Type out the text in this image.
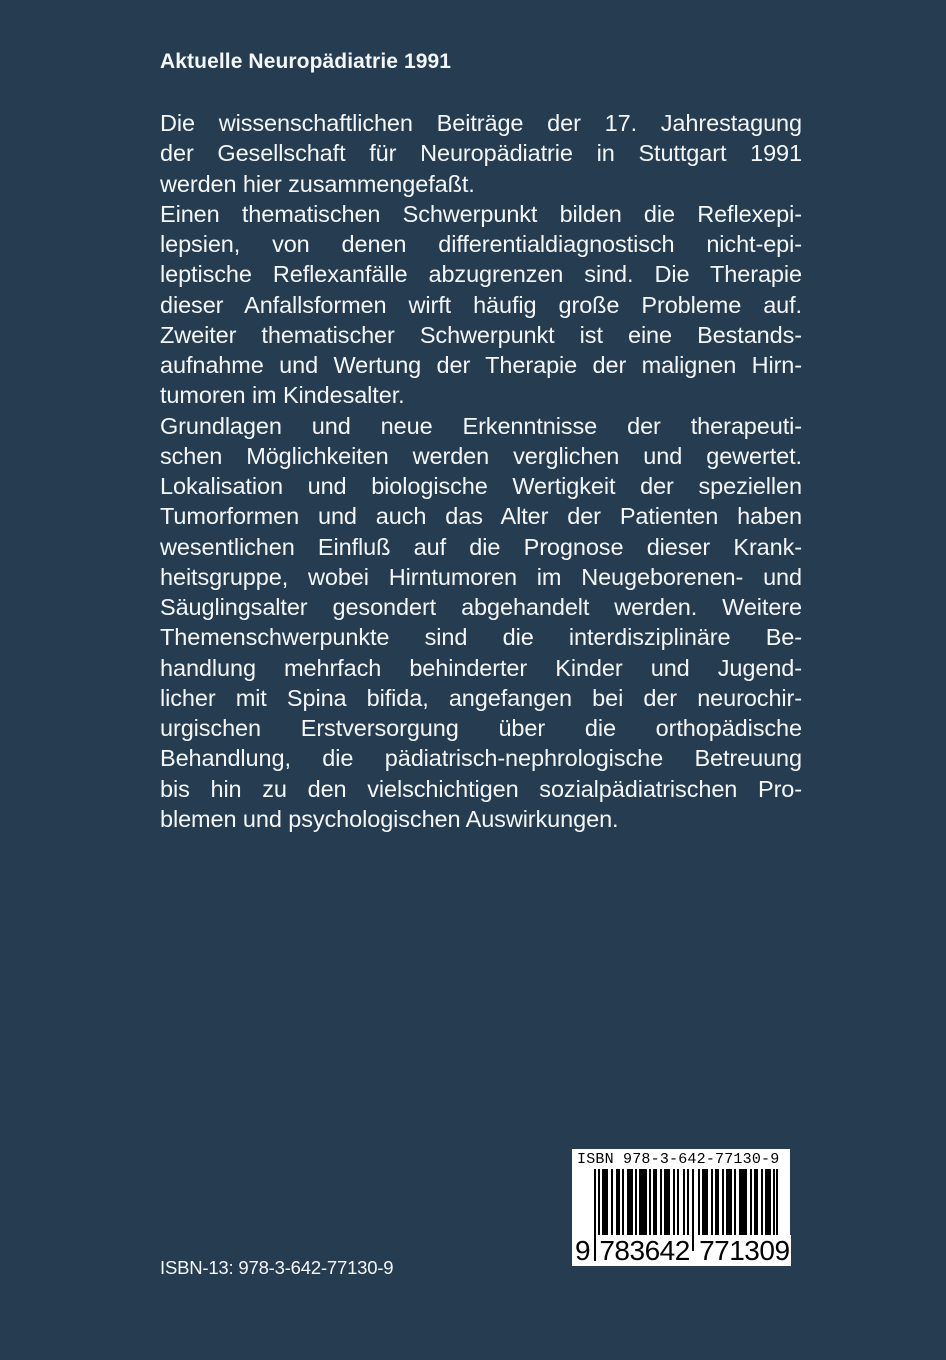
Aktuelle Neuropädiatrie 1991
Die wissenschaftlichen Beiträge der 17. Jahrestagung
der Gesellschaft für Neuropädiatrie in Stuttgart 1991
werden hier zusammengefaßt.
Einen thematischen Schwerpunkt bilden die Reflexepi-
lepsien, von denen differentialdiagnostisch nicht-epi-
leptische Reflexanfälle abzugrenzen sind. Die Therapie
dieser Anfallsformen wirft häufig große Probleme auf.
Zweiter thematischer Schwerpunkt ist eine Bestands-
aufnahme und Wertung der Therapie der malignen Hirn-
tumoren im Kindesalter.
Grundlagen und neue Erkenntnisse der therapeuti-
schen Möglichkeiten werden verglichen und gewertet.
Lokalisation und biologische Wertigkeit der speziellen
Tumorformen und auch das Alter der Patienten haben
wesentlichen Einfluß auf die Prognose dieser Krank-
heitsgruppe, wobei Hirntumoren im Neugeborenen- und
Säuglingsalter gesondert abgehandelt werden. Weitere
Themenschwerpunkte sind die interdisziplinäre Be-
handlung mehrfach behinderter Kinder und Jugend-
licher mit Spina bifida, angefangen bei der neurochir-
urgischen Erstversorgung über die orthopädische
Behandlung, die pädiatrisch-nephrologische Betreuung
bis hin zu den vielschichtigen sozialpädiatrischen Pro-
blemen und psychologischen Auswirkungen.
ISBN 978-3-642-77130-9
9 783642 771309
ISBN-13: 978-3-642-77130-9
